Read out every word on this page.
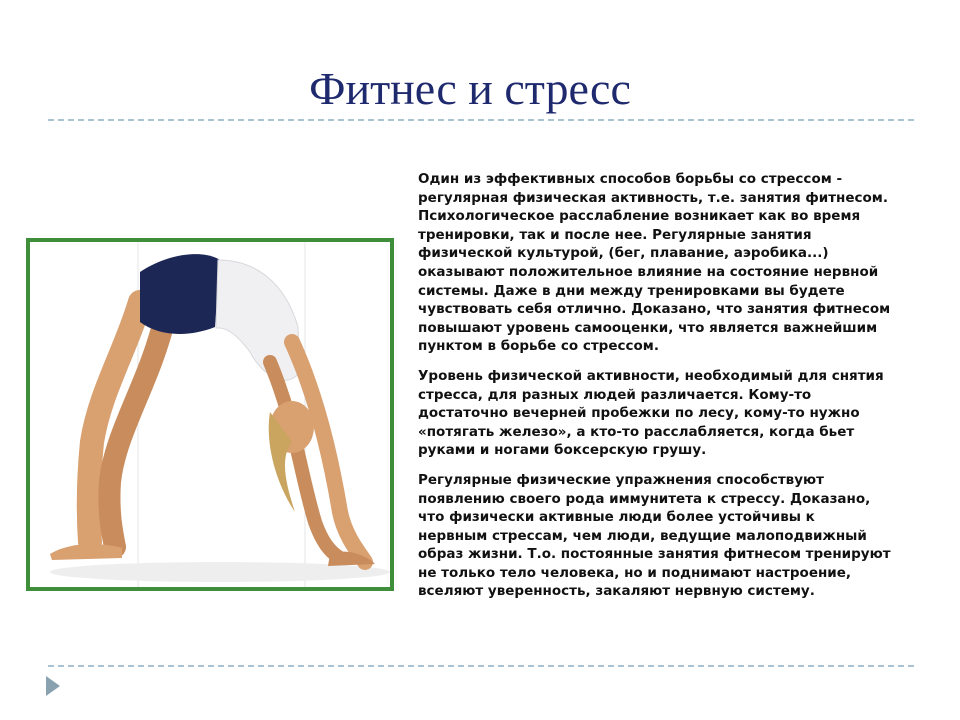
Фитнес и стресс

Один из эффективных способов борьбы со стрессом -
регулярная физическая активность, т.е. занятия фитнесом.
Психологическое расслабление возникает как во время
тренировки, так и после нее. Регулярные занятия
физической культурой, (бег, плавание, аэробика...)
оказывают положительное влияние на состояние нервной
системы. Даже в дни между тренировками вы будете
чувствовать себя отлично. Доказано, что занятия фитнесом
повышают уровень самооценки, что является важнейшим
пунктом в борьбе со стрессом.

Уровень физической активности, необходимый для снятия
стресса, для разных людей различается. Кому-то
достаточно вечерней пробежки по лесу, кому-то нужно
«потягать железо», а кто-то расслабляется, когда бьет
руками и ногами боксерскую грушу.

Регулярные физические упражнения способствуют
появлению своего рода иммунитета к стрессу. Доказано,
что физически активные люди более устойчивы к
нервным стрессам, чем люди, ведущие малоподвижный
образ жизни. Т.о. постоянные занятия фитнесом тренируют
не только тело человека, но и поднимают настроение,
вселяют уверенность, закаляют нервную систему.
